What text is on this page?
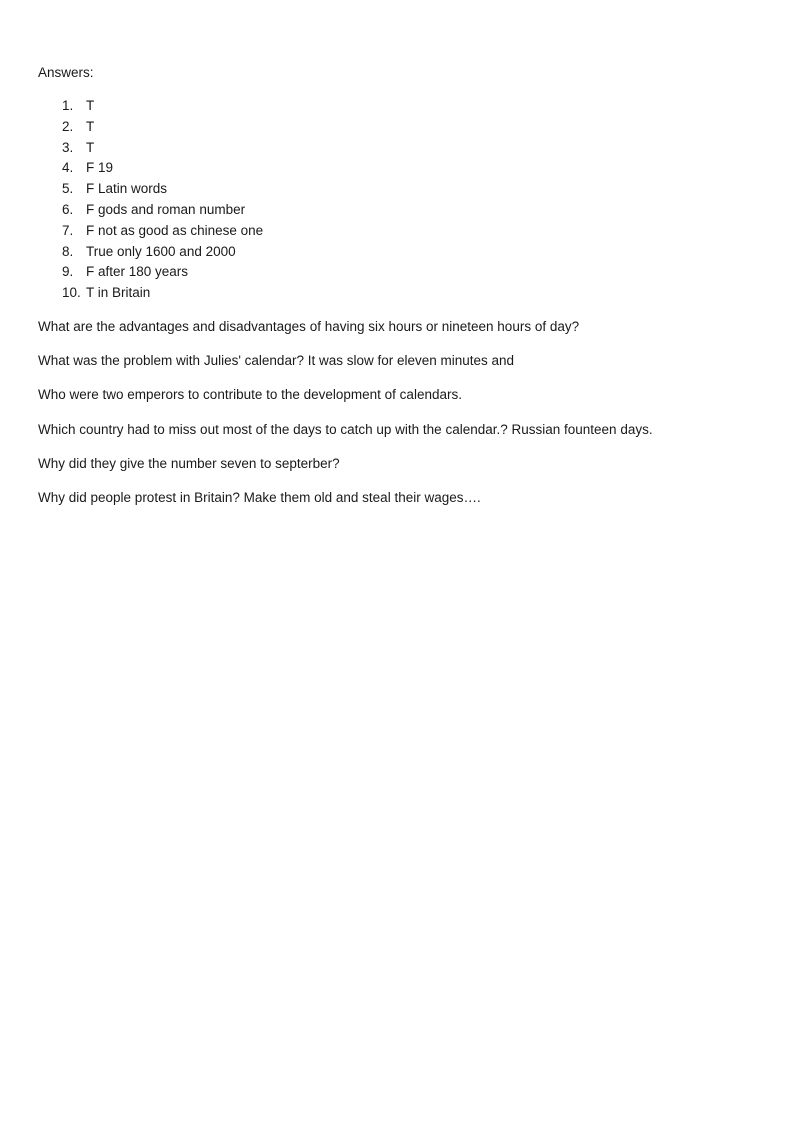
Answers:

1. T
2. T
3. T
4. F 19
5. F Latin words
6. F gods and roman number
7. F not as good as chinese one
8. True only 1600 and 2000
9. F after 180 years
10. T in Britain

What are the advantages and disadvantages of having six hours or nineteen hours of day?

What was the problem with Julies' calendar? It was slow for eleven minutes and

Who were two emperors to contribute to the development of calendars.

Which country had to miss out most of the days to catch up with the calendar.? Russian founteen days.

Why did they give the number seven to septerber?

Why did people protest in Britain? Make them old and steal their wages….
